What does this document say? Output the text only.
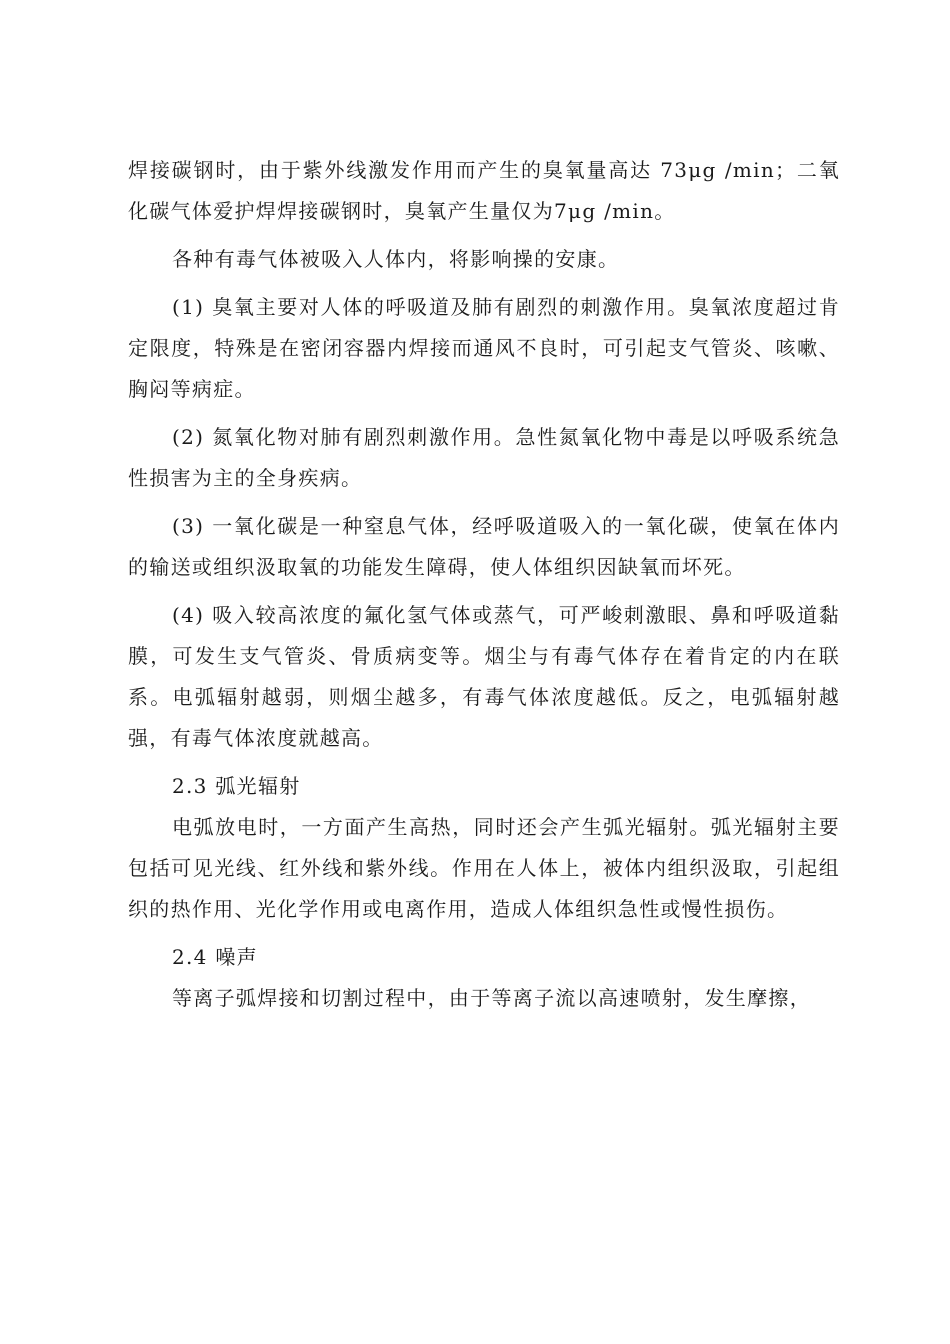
焊接碳钢时，由于紫外线激发作用而产生的臭氧量高达 73μg /min；二氧化碳气体爱护焊焊接碳钢时，臭氧产生量仅为7μg /min。

各种有毒气体被吸入人体内，将影响操的安康。

(1) 臭氧主要对人体的呼吸道及肺有剧烈的刺激作用。臭氧浓度超过肯定限度，特殊是在密闭容器内焊接而通风不良时，可引起支气管炎、咳嗽、胸闷等病症。

(2) 氮氧化物对肺有剧烈刺激作用。急性氮氧化物中毒是以呼吸系统急性损害为主的全身疾病。

(3) 一氧化碳是一种窒息气体，经呼吸道吸入的一氧化碳，使氧在体内的输送或组织汲取氧的功能发生障碍，使人体组织因缺氧而坏死。

(4) 吸入较高浓度的氟化氢气体或蒸气，可严峻刺激眼、鼻和呼吸道黏膜，可发生支气管炎、骨质病变等。烟尘与有毒气体存在着肯定的内在联系。电弧辐射越弱，则烟尘越多，有毒气体浓度越低。反之，电弧辐射越强，有毒气体浓度就越高。

2.3 弧光辐射

电弧放电时，一方面产生高热，同时还会产生弧光辐射。弧光辐射主要包括可见光线、红外线和紫外线。作用在人体上，被体内组织汲取，引起组织的热作用、光化学作用或电离作用，造成人体组织急性或慢性损伤。

2.4 噪声

等离子弧焊接和切割过程中，由于等离子流以高速喷射，发生摩擦，
